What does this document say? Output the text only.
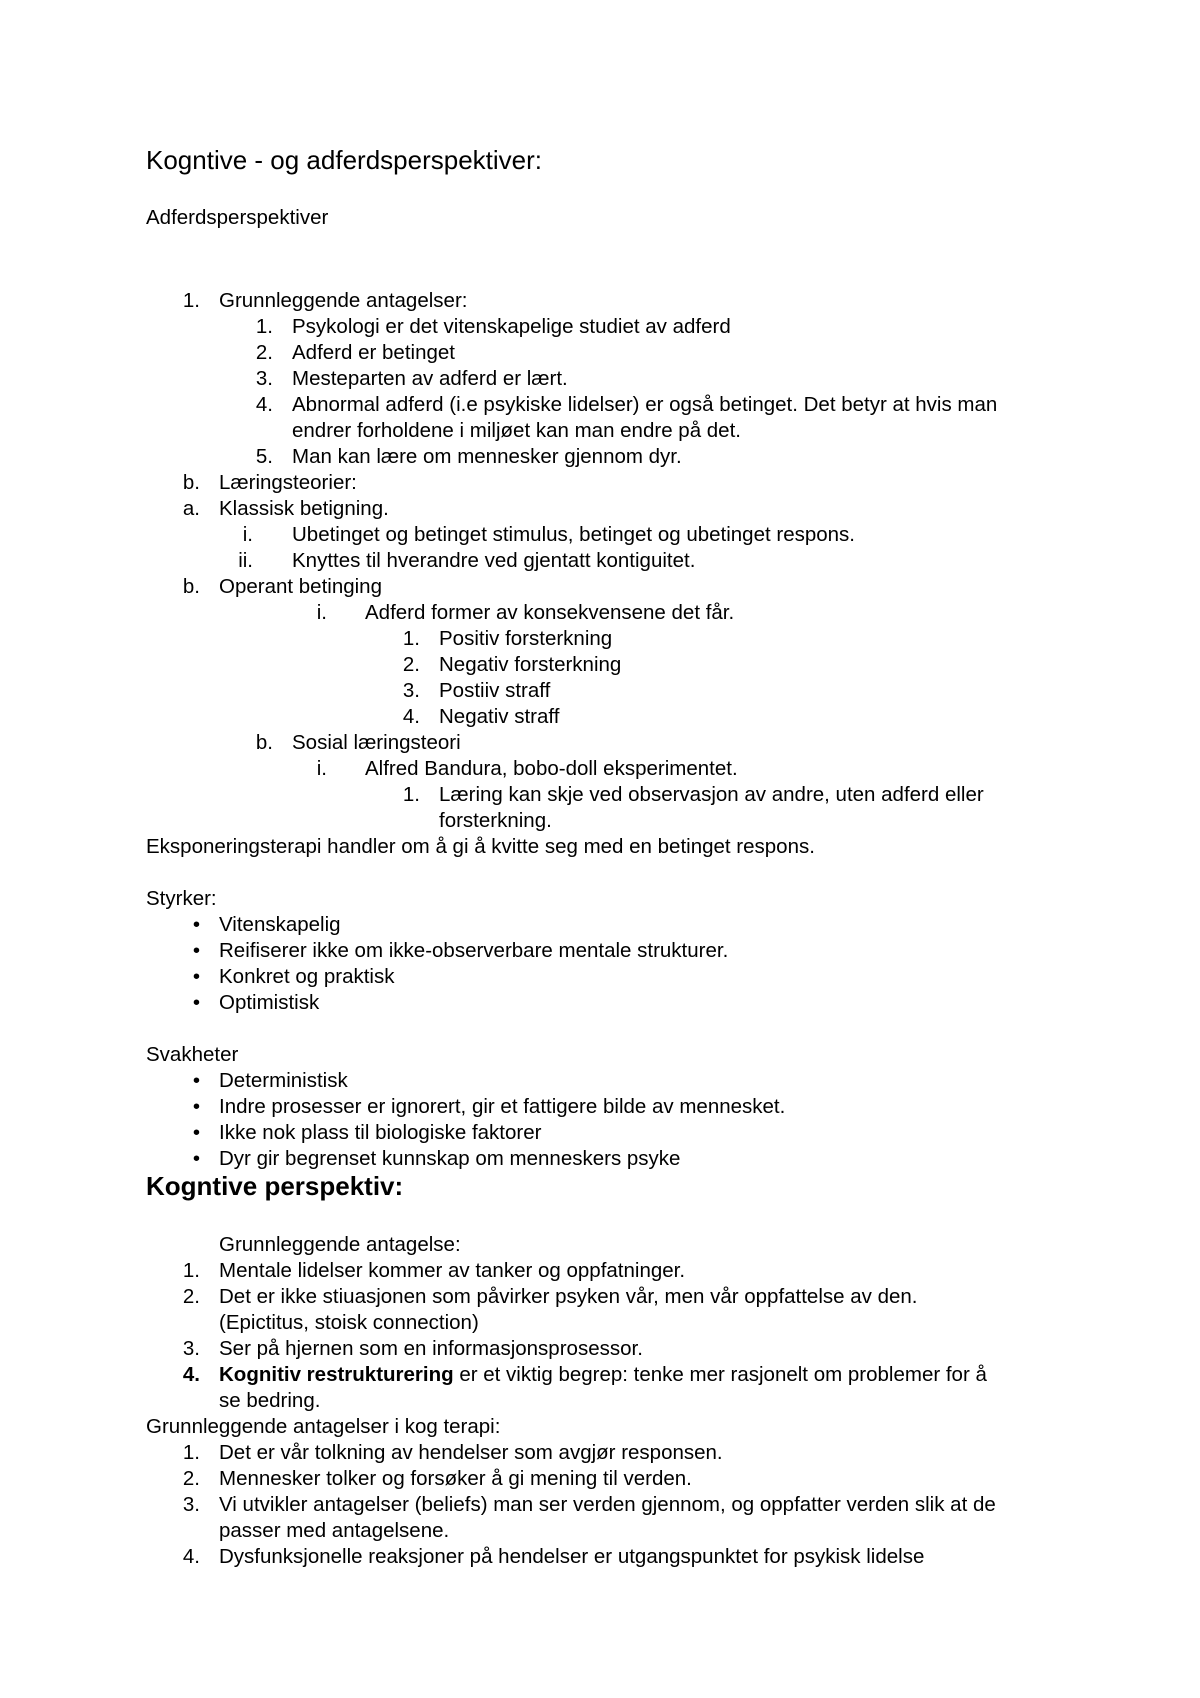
Kogntive - og adferdsperspektiver:
Adferdsperspektiver
1. Grunnleggende antagelser:
1. Psykologi er det vitenskapelige studiet av adferd
2. Adferd er betinget
3. Mesteparten av adferd er lært.
4. Abnormal adferd (i.e psykiske lidelser) er også betinget. Det betyr at hvis man
endrer forholdene i miljøet kan man endre på det.
5. Man kan lære om mennesker gjennom dyr.
b. Læringsteorier:
a. Klassisk betigning.
i. Ubetinget og betinget stimulus, betinget og ubetinget respons.
ii. Knyttes til hverandre ved gjentatt kontiguitet.
b. Operant betinging
i. Adferd former av konsekvensene det får.
1. Positiv forsterkning
2. Negativ forsterkning
3. Postiiv straff
4. Negativ straff
b. Sosial læringsteori
i. Alfred Bandura, bobo-doll eksperimentet.
1. Læring kan skje ved observasjon av andre, uten adferd eller
forsterkning.
Eksponeringsterapi handler om å gi å kvitte seg med en betinget respons.
Styrker:
• Vitenskapelig
• Reifiserer ikke om ikke-observerbare mentale strukturer.
• Konkret og praktisk
• Optimistisk
Svakheter
• Deterministisk
• Indre prosesser er ignorert, gir et fattigere bilde av mennesket.
• Ikke nok plass til biologiske faktorer
• Dyr gir begrenset kunnskap om menneskers psyke
Kogntive perspektiv:
Grunnleggende antagelse:
1. Mentale lidelser kommer av tanker og oppfatninger.
2. Det er ikke stiuasjonen som påvirker psyken vår, men vår oppfattelse av den.
(Epictitus, stoisk connection)
3. Ser på hjernen som en informasjonsprosessor.
4. Kognitiv restrukturering er et viktig begrep: tenke mer rasjonelt om problemer for å
se bedring.
Grunnleggende antagelser i kog terapi:
1. Det er vår tolkning av hendelser som avgjør responsen.
2. Mennesker tolker og forsøker å gi mening til verden.
3. Vi utvikler antagelser (beliefs) man ser verden gjennom, og oppfatter verden slik at de
passer med antagelsene.
4. Dysfunksjonelle reaksjoner på hendelser er utgangspunktet for psykisk lidelse
